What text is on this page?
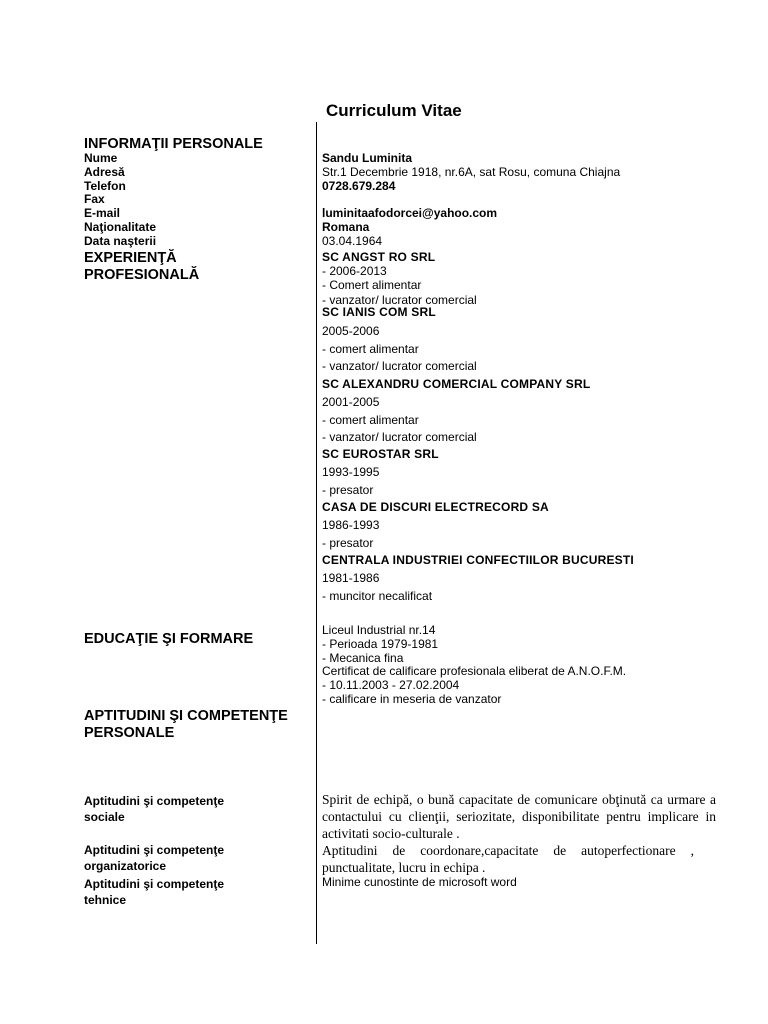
Curriculum Vitae
INFORMAŢII PERSONALE
Nume
Adresă
Telefon
Fax
E-mail
Naţionalitate
Data naşterii
Sandu Luminita
Str.1 Decembrie 1918, nr.6A, sat Rosu, comuna Chiajna
0728.679.284
luminitaafodorcei@yahoo.com
Romana
03.04.1964
EXPERIENŢĂ
PROFESIONALĂ
SC ANGST RO SRL
- 2006-2013
- Comert alimentar
- vanzator/ lucrator comercial
SC IANIS COM SRL
2005-2006
- comert alimentar
- vanzator/ lucrator comercial
SC ALEXANDRU COMERCIAL COMPANY SRL
2001-2005
- comert alimentar
- vanzator/ lucrator comercial
SC EUROSTAR SRL
1993-1995
- presator
CASA DE DISCURI ELECTRECORD SA
1986-1993
- presator
CENTRALA INDUSTRIEI CONFECTIILOR BUCURESTI
1981-1986
- muncitor necalificat
EDUCAŢIE ŞI FORMARE
Liceul Industrial nr.14
- Perioada 1979-1981
- Mecanica fina
Certificat de calificare profesionala eliberat de A.N.O.F.M.
- 10.11.2003 - 27.02.2004
- calificare in meseria de vanzator
APTITUDINI ŞI COMPETENŢE
PERSONALE
Aptitudini şi competenţe
sociale
Spirit de echipă, o bună capacitate de comunicare obţinută ca urmare a contactului cu clienţii, seriozitate, disponibilitate pentru implicare in activitati socio-culturale .
Aptitudini şi competenţe
organizatorice
Aptitudini de coordonare,capacitate de autoperfectionare , punctualitate, lucru in echipa .
Aptitudini şi competenţe
tehnice
Minime cunostinte de microsoft word
